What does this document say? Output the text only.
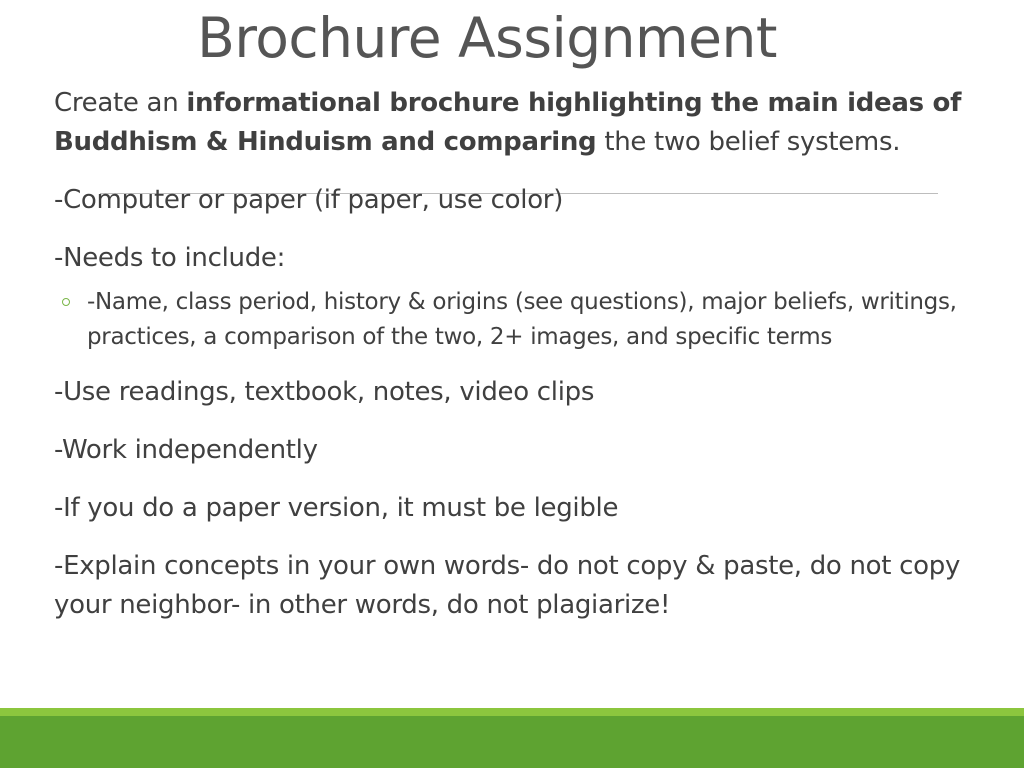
Brochure Assignment

Create an informational brochure highlighting the main ideas of Buddhism & Hinduism and comparing the two belief systems.

-Computer or paper (if paper, use color)

-Needs to include:

-Name, class period, history & origins (see questions), major beliefs, writings, practices, a comparison of the two, 2+ images, and specific terms

-Use readings, textbook, notes, video clips

-Work independently

-If you do a paper version, it must be legible

-Explain concepts in your own words- do not copy & paste, do not copy your neighbor- in other words, do not plagiarize!
